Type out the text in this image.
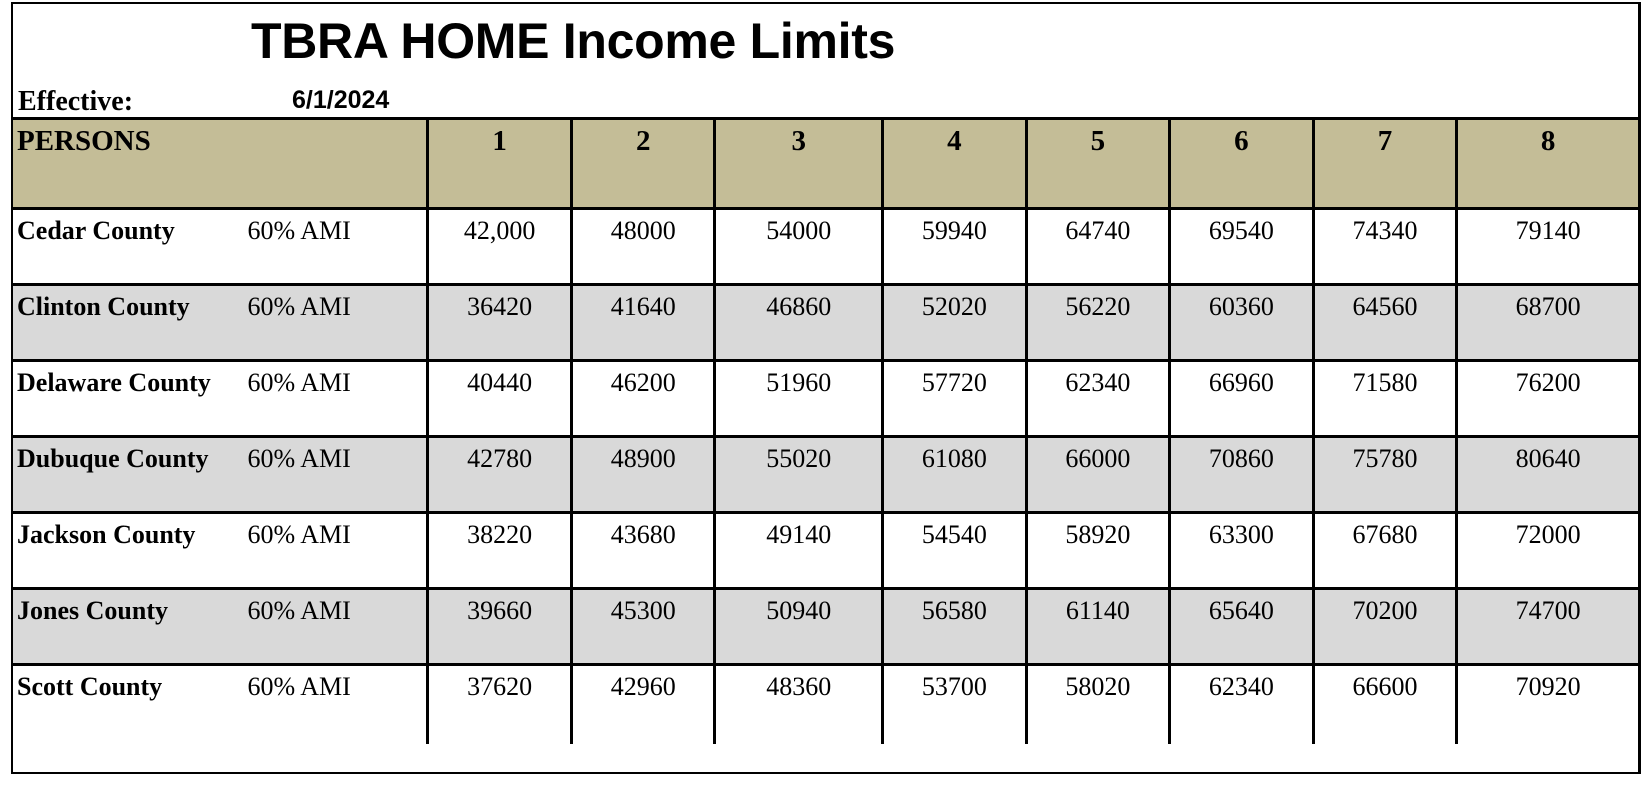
TBRA HOME Income Limits
Effective:	6/1/2024
PERSONS		1	2	3	4	5	6	7	8
Cedar County	60% AMI	42,000	48000	54000	59940	64740	69540	74340	79140
Clinton County	60% AMI	36420	41640	46860	52020	56220	60360	64560	68700
Delaware County	60% AMI	40440	46200	51960	57720	62340	66960	71580	76200
Dubuque County	60% AMI	42780	48900	55020	61080	66000	70860	75780	80640
Jackson County	60% AMI	38220	43680	49140	54540	58920	63300	67680	72000
Jones County	60% AMI	39660	45300	50940	56580	61140	65640	70200	74700
Scott County	60% AMI	37620	42960	48360	53700	58020	62340	66600	70920
